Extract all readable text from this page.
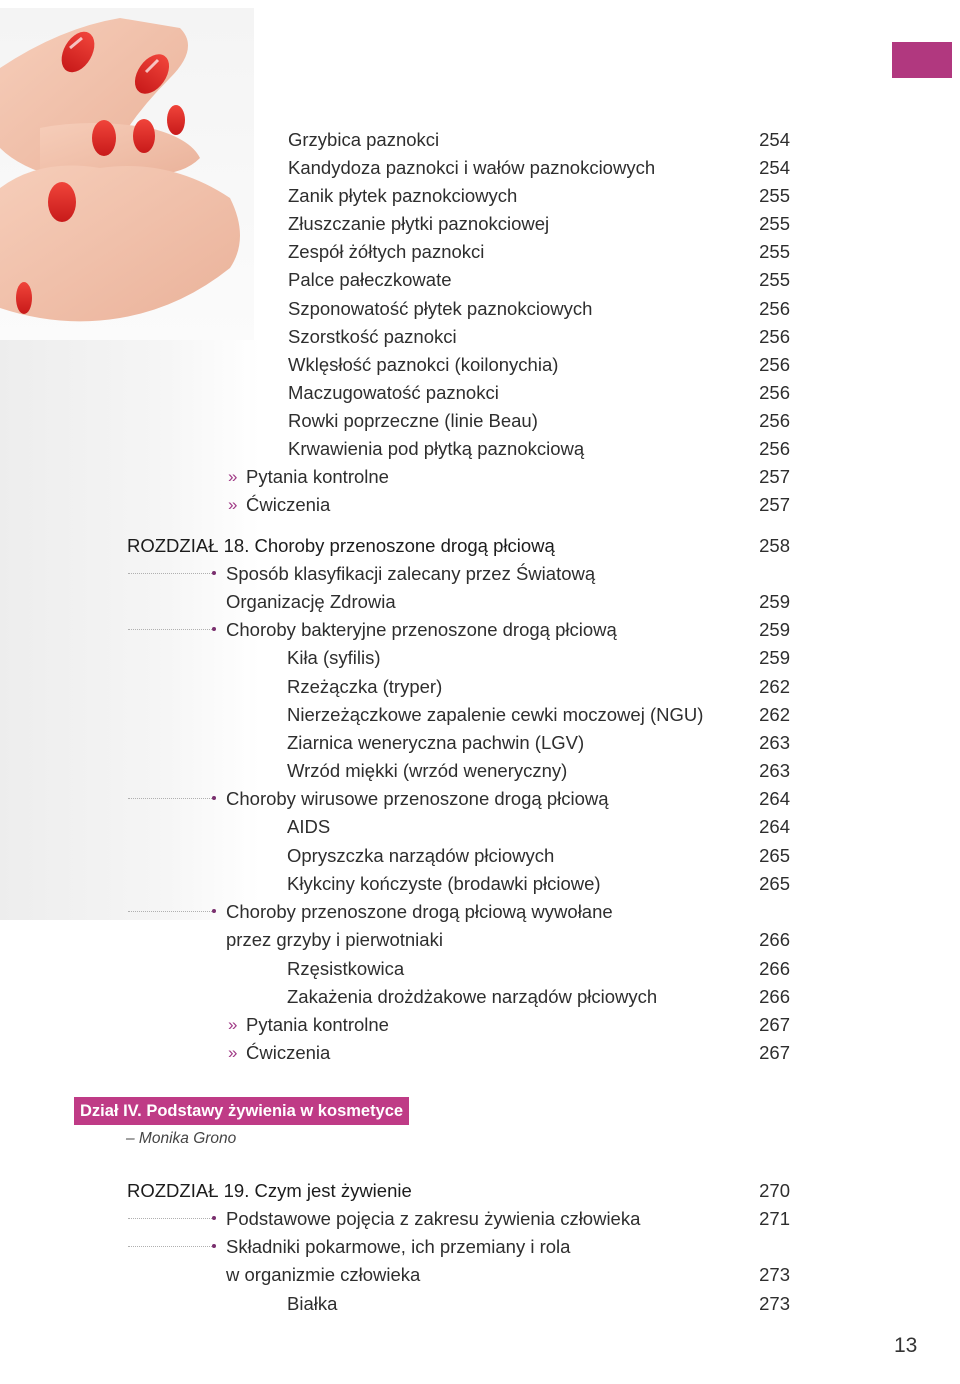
Grzybica paznokci	254
Kandydoza paznokci i wałów paznokciowych	254
Zanik płytek paznokciowych	255
Złuszczanie płytki paznokciowej	255
Zespół żółtych paznokci	255
Palce pałeczkowate	255
Szponowatość płytek paznokciowych	256
Szorstkość paznokci	256
Wklęsłość paznokci (koilonychia)	256
Maczugowatość paznokci	256
Rowki poprzeczne (linie Beau)	256
Krwawienia pod płytką paznokciową	256
» Pytania kontrolne	257
» Ćwiczenia	257
ROZDZIAŁ 18. Choroby przenoszone drogą płciową	258
Sposób klasyfikacji zalecany przez Światową
Organizację Zdrowia	259
Choroby bakteryjne przenoszone drogą płciową	259
Kiła (syfilis)	259
Rzeżączka (tryper)	262
Nierzeżączkowe zapalenie cewki moczowej (NGU)	262
Ziarnica weneryczna pachwin (LGV)	263
Wrzód miękki (wrzód weneryczny)	263
Choroby wirusowe przenoszone drogą płciową	264
AIDS	264
Opryszczka narządów płciowych	265
Kłykciny kończyste (brodawki płciowe)	265
Choroby przenoszone drogą płciową wywołane
przez grzyby i pierwotniaki	266
Rzęsistkowica	266
Zakażenia drożdżakowe narządów płciowych	266
» Pytania kontrolne	267
» Ćwiczenia	267
Dział IV. Podstawy żywienia w kosmetyce
– Monika Grono
ROZDZIAŁ 19. Czym jest żywienie	270
Podstawowe pojęcia z zakresu żywienia człowieka	271
Składniki pokarmowe, ich przemiany i rola
w organizmie człowieka	273
Białka	273
13
